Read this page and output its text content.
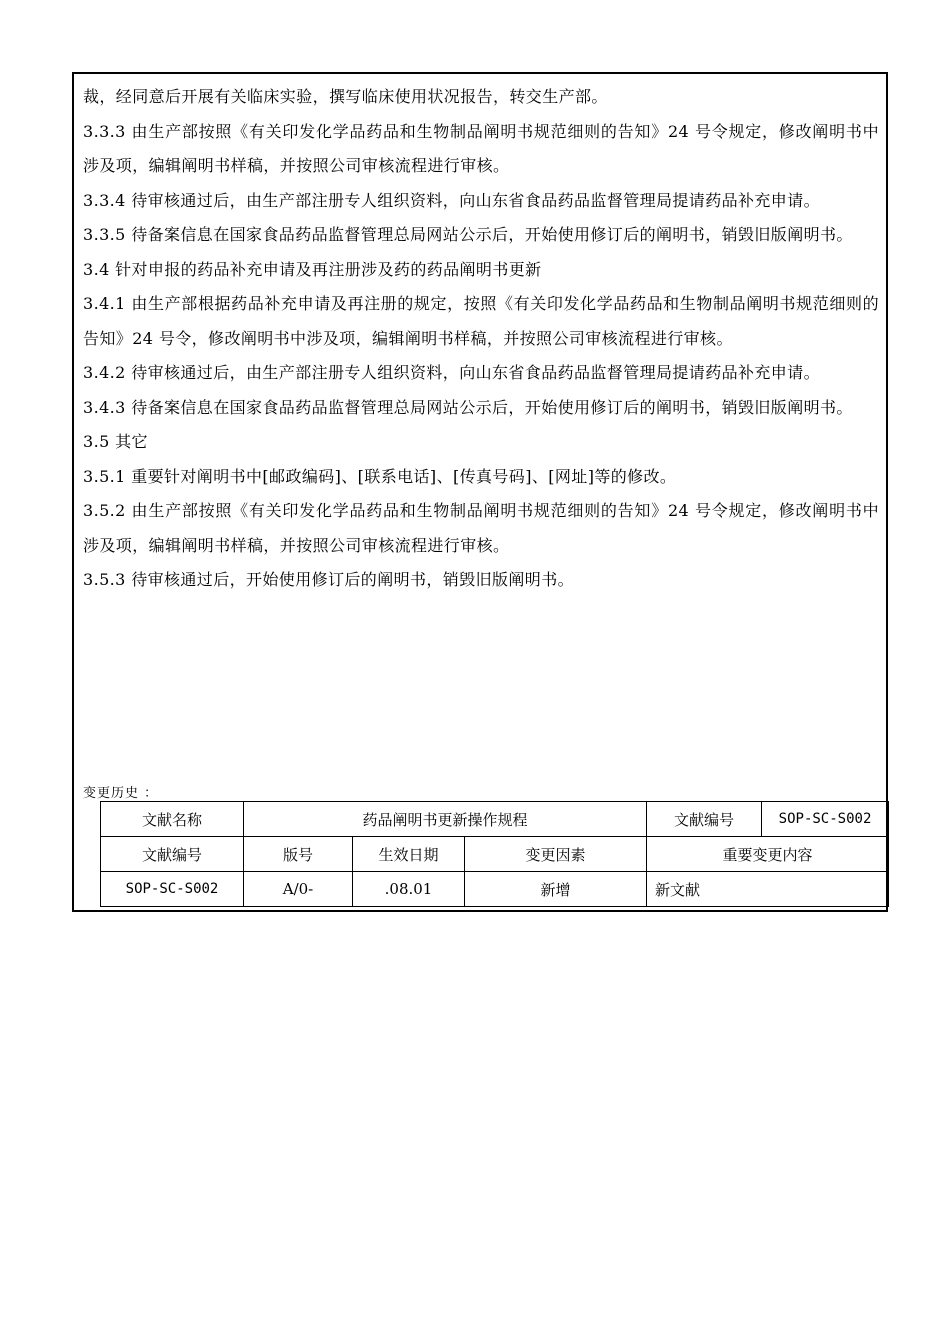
裁，经同意后开展有关临床实验，撰写临床使用状况报告，转交生产部。

3.3.3 由生产部按照《有关印发化学品药品和生物制品阐明书规范细则的告知》24 号令规定，修改阐明书中涉及项，编辑阐明书样稿，并按照公司审核流程进行审核。

3.3.4 待审核通过后，由生产部注册专人组织资料，向山东省食品药品监督管理局提请药品补充申请。

3.3.5 待备案信息在国家食品药品监督管理总局网站公示后，开始使用修订后的阐明书，销毁旧版阐明书。

3.4 针对申报的药品补充申请及再注册涉及药的药品阐明书更新

3.4.1 由生产部根据药品补充申请及再注册的规定，按照《有关印发化学品药品和生物制品阐明书规范细则的告知》24 号令，修改阐明书中涉及项，编辑阐明书样稿，并按照公司审核流程进行审核。

3.4.2 待审核通过后，由生产部注册专人组织资料，向山东省食品药品监督管理局提请药品补充申请。

3.4.3 待备案信息在国家食品药品监督管理总局网站公示后，开始使用修订后的阐明书，销毁旧版阐明书。

3.5 其它

3.5.1 重要针对阐明书中[邮政编码]、[联系电话]、[传真号码]、[网址]等的修改。

3.5.2 由生产部按照《有关印发化学品药品和生物制品阐明书规范细则的告知》24 号令规定，修改阐明书中涉及项，编辑阐明书样稿，并按照公司审核流程进行审核。

3.5.3 待审核通过后，开始使用修订后的阐明书，销毁旧版阐明书。

变更历史 ：
文献名称	药品阐明书更新操作规程			文献编号	SOP-SC-S002
文献编号	版号	生效日期	变更因素	重要变更内容	
SOP-SC-S002	A/0-	.08.01	新增	新文献	
